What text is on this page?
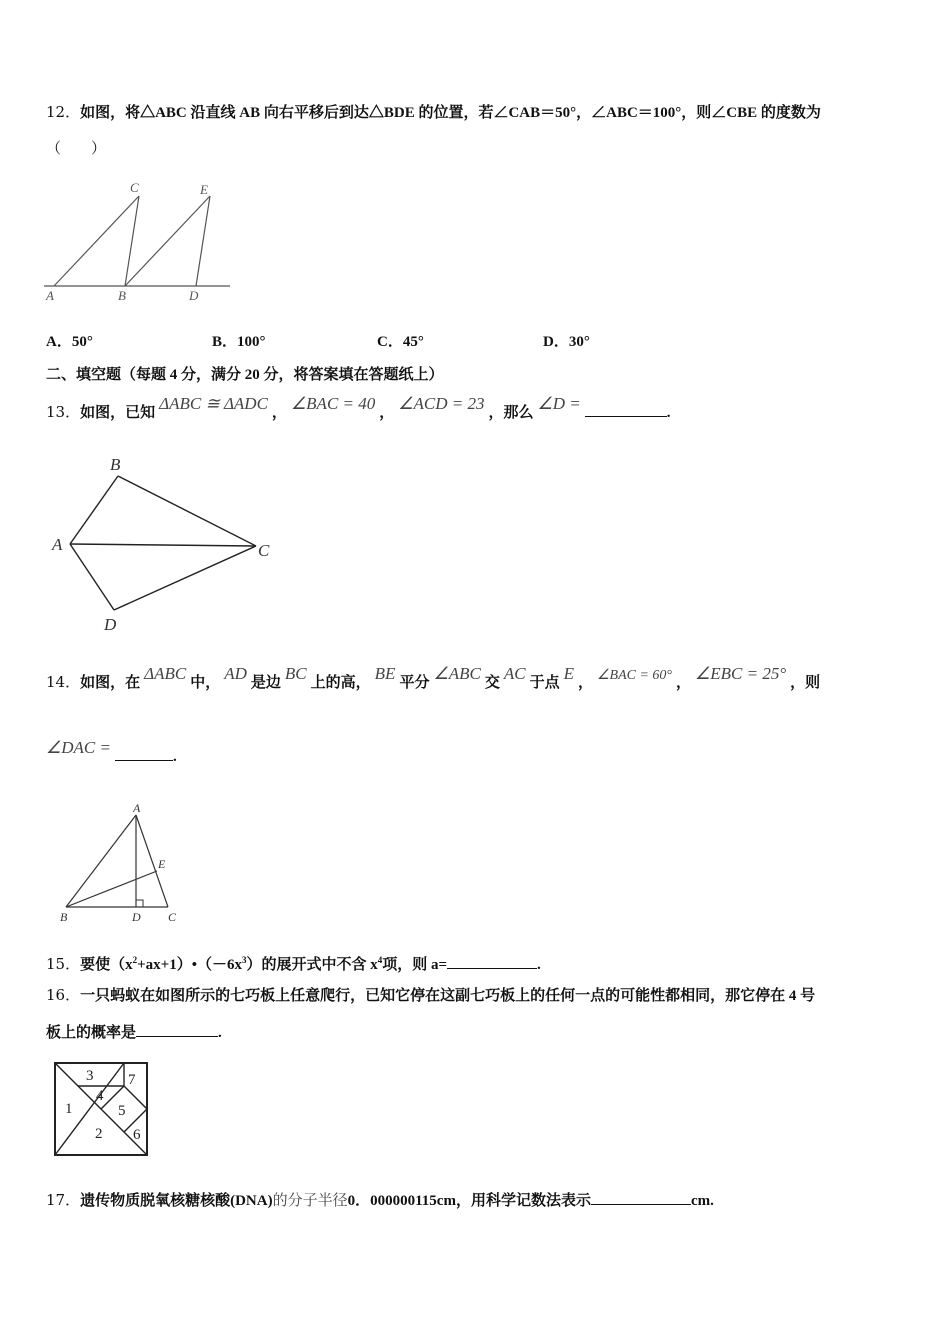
12．如图，将△ABC 沿直线 AB 向右平移后到达△BDE 的位置，若∠CAB＝50°，∠ABC＝100°，则∠CBE 的度数为
（　　）
C	E
A	B	D
A．50°	B．100°	C．45°	D．30°
二、填空题（每题 4 分，满分 20 分，将答案填在答题纸上）
13．如图，已知 ΔABC ≅ ΔADC ， ∠BAC = 40 ， ∠ACD = 23 ，那么 ∠D =	.
B
A	C
D
14．如图，在 ΔABC 中， AD 是边 BC 上的高， BE 平分 ∠ABC 交 AC 于点 E ， ∠BAC = 60° ， ∠EBC = 25° ，则
∠DAC =	.
A
E
B	D C
15．要使$(x^2+ax+1)•(-6x^3)$的展开式中不含 $x^4$项，则 a=	.
16．一只蚂蚁在如图所示的七巧板上任意爬行，已知它停在这副七巧板上的任何一点的可能性都相同，那它停在 4 号
板上的概率是	.
3 7
4
1	5
2 6
17．遗传物质脱氧核糖核酸(DNA)的分子半径0．000000115cm，用科学记数法表示	cm.
